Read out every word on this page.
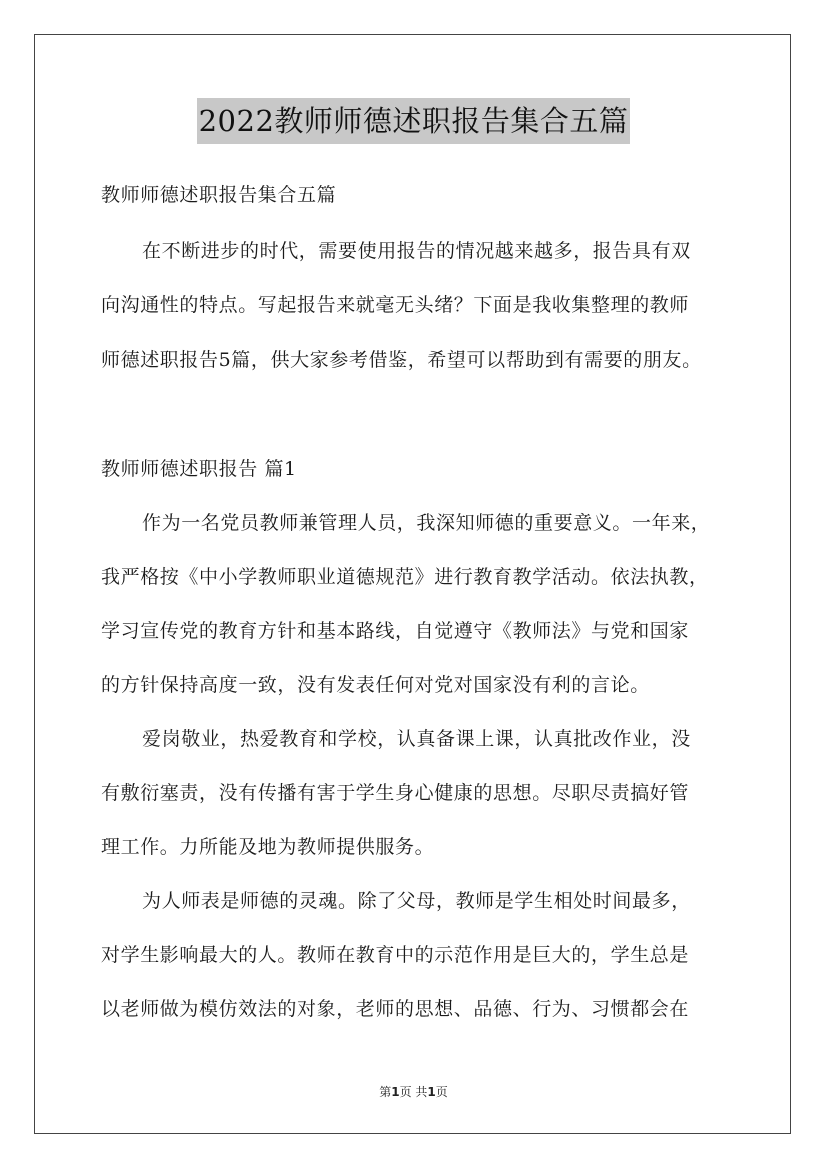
2022教师师德述职报告集合五篇
教师师德述职报告集合五篇
在不断进步的时代，需要使用报告的情况越来越多，报告具有双
向沟通性的特点。写起报告来就毫无头绪？下面是我收集整理的教师
师德述职报告5篇，供大家参考借鉴，希望可以帮助到有需要的朋友。
教师师德述职报告 篇1
作为一名党员教师兼管理人员，我深知师德的重要意义。一年来，
我严格按《中小学教师职业道德规范》进行教育教学活动。依法执教，
学习宣传党的教育方针和基本路线，自觉遵守《教师法》与党和国家
的方针保持高度一致，没有发表任何对党对国家没有利的言论。
爱岗敬业，热爱教育和学校，认真备课上课，认真批改作业，没
有敷衍塞责，没有传播有害于学生身心健康的思想。尽职尽责搞好管
理工作。力所能及地为教师提供服务。
为人师表是师德的灵魂。除了父母，教师是学生相处时间最多，
对学生影响最大的人。教师在教育中的示范作用是巨大的，学生总是
以老师做为模仿效法的对象，老师的思想、品德、行为、习惯都会在
第1页 共1页
